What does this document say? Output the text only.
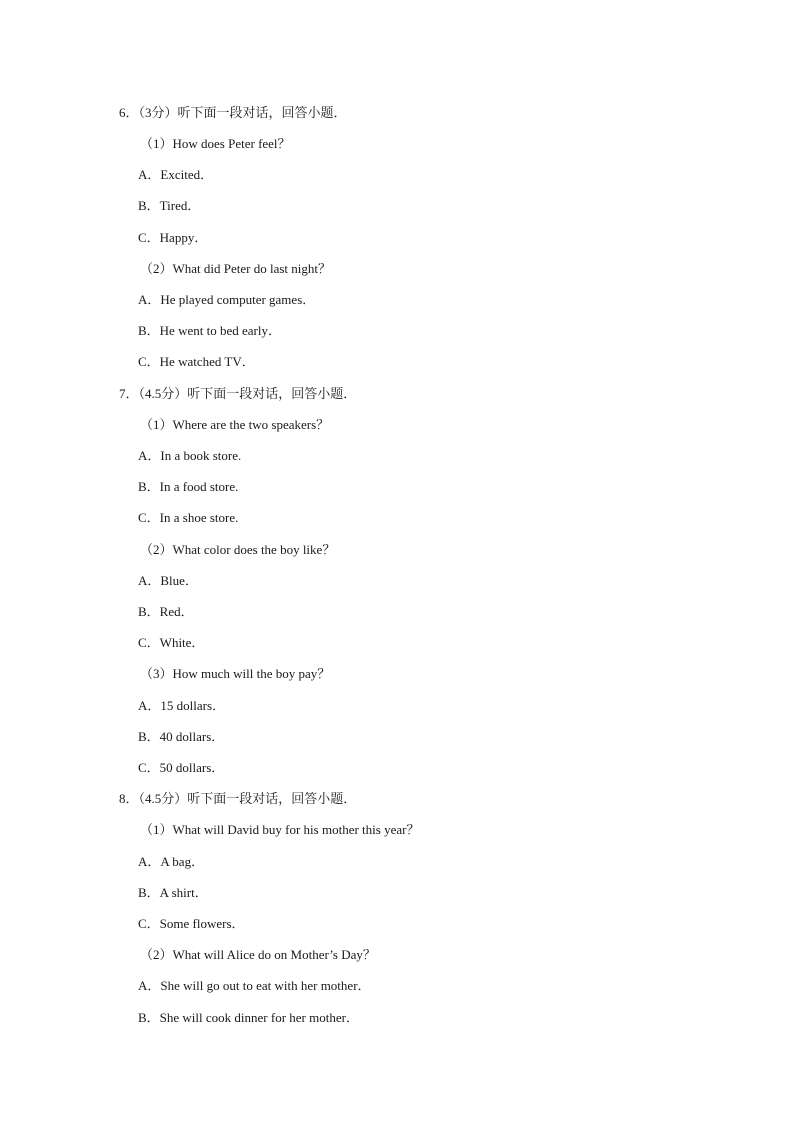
6．（3分）听下面一段对话，回答小题．
（1）How does Peter feel？
A．Excited．
B．Tired．
C．Happy．
（2）What did Peter do last night？
A．He played computer games．
B．He went to bed early．
C．He watched TV．
7．（4.5分）听下面一段对话，回答小题．
（1）Where are the two speakers？
A．In a book store.
B．In a food store.
C．In a shoe store.
（2）What color does the boy like？
A．Blue．
B．Red．
C．White．
（3）How much will the boy pay？
A．15 dollars．
B．40 dollars．
C．50 dollars．
8．（4.5分）听下面一段对话，回答小题．
（1）What will David buy for his mother this year？
A．A bag．
B．A shirt．
C．Some flowers．
（2）What will Alice do on Mother’s Day？
A．She will go out to eat with her mother．
B．She will cook dinner for her mother．
